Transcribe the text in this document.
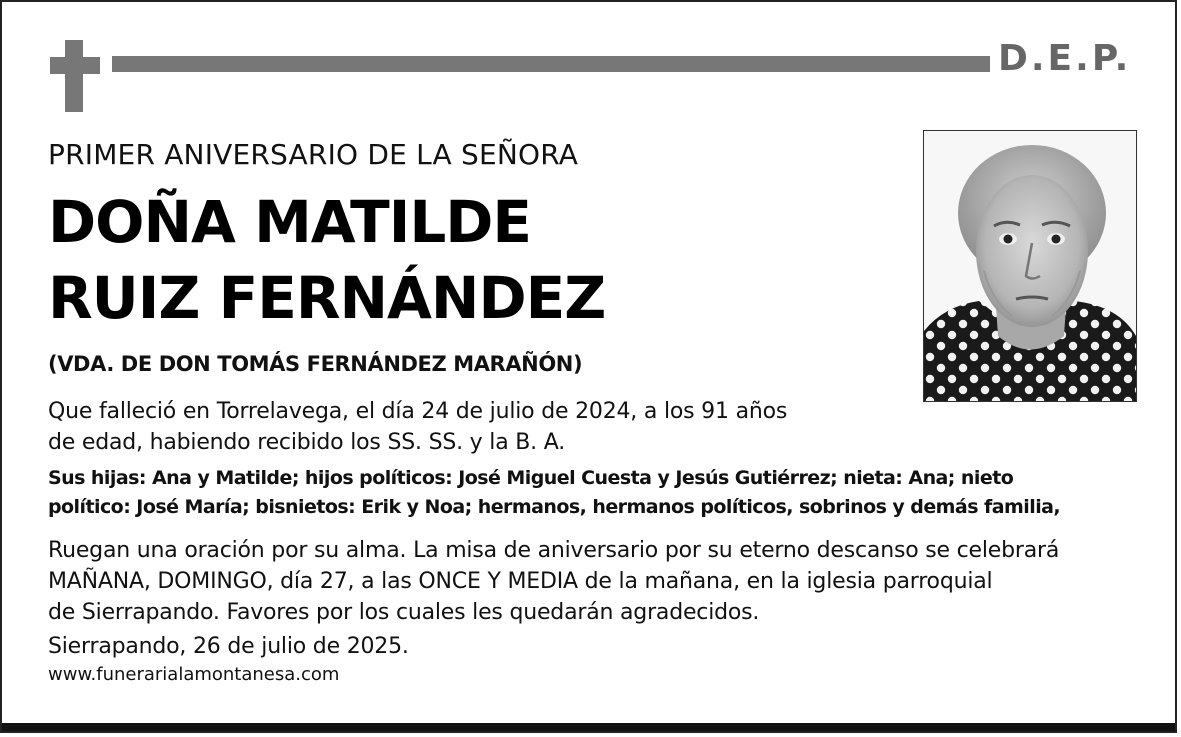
D.E.P.
PRIMER ANIVERSARIO DE LA SEÑORA
DOÑA MATILDE
RUIZ FERNÁNDEZ
(VDA. DE DON TOMÁS FERNÁNDEZ MARAÑÓN)
Que falleció en Torrelavega, el día 24 de julio de 2024, a los 91 años
de edad, habiendo recibido los SS. SS. y la B. A.
Sus hijas: Ana y Matilde; hijos políticos: José Miguel Cuesta y Jesús Gutiérrez; nieta: Ana; nieto
político: José María; bisnietos: Erik y Noa; hermanos, hermanos políticos, sobrinos y demás familia,
Ruegan una oración por su alma. La misa de aniversario por su eterno descanso se celebrará
MAÑANA, DOMINGO, día 27, a las ONCE Y MEDIA de la mañana, en la iglesia parroquial
de Sierrapando. Favores por los cuales les quedarán agradecidos.
Sierrapando, 26 de julio de 2025.
www.funerarialamontanesa.com
